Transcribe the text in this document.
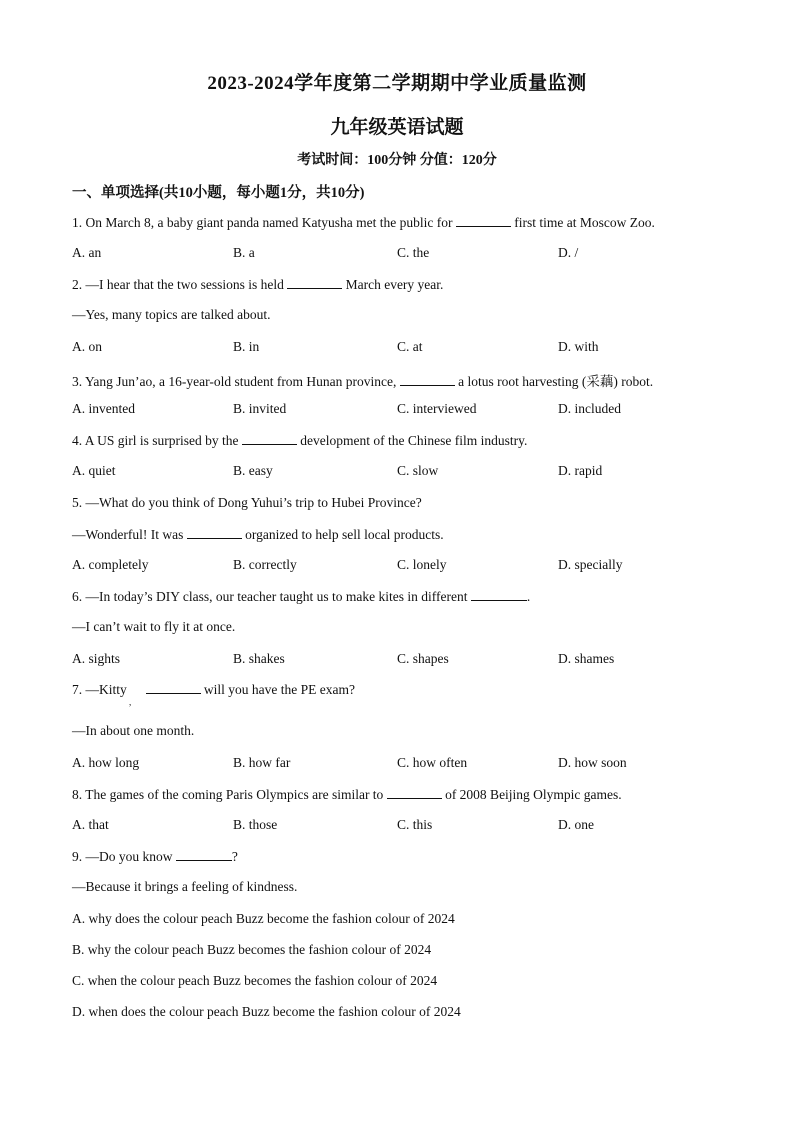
2023-2024学年度第二学期期中学业质量监测
九年级英语试题
考试时间：100分钟 分值：120分
一、单项选择(共10小题，每小题1分，共10分)
1. On March 8, a baby giant panda named Katyusha met the public for	first time at Moscow Zoo.
A. an	B. a	C. the	D. /
2. —I hear that the two sessions is held	March every year.
—Yes, many topics are talked about.
A. on	B. in	C. at	D. with
3. Yang Jun’ao, a 16-year-old student from Hunan province,	a lotus root harvesting (采藕) robot.
A. invented	B. invited	C. interviewed	D. included
4. A US girl is surprised by the	development of the Chinese film industry.
A. quiet	B. easy	C. slow	D. rapid
5. —What do you think of Dong Yuhui’s trip to Hubei Province?
—Wonderful! It was	organized to help sell local products.
A. completely	B. correctly	C. lonely	D. specially
6. —In today’s DIY class, our teacher taught us to make kites in different	.
—I can’t wait to fly it at once.
A. sights	B. shakes	C. shapes	D. shames
7. —Kitty	will you have the PE exam?
,
—In about one month.
A. how long	B. how far	C. how often	D. how soon
8. The games of the coming Paris Olympics are similar to	of 2008 Beijing Olympic games.
A. that	B. those	C. this	D. one
9. —Do you know	?
—Because it brings a feeling of kindness.
A. why does the colour peach Buzz become the fashion colour of 2024
B. why the colour peach Buzz becomes the fashion colour of 2024
C. when the colour peach Buzz becomes the fashion colour of 2024
D. when does the colour peach Buzz become the fashion colour of 2024
